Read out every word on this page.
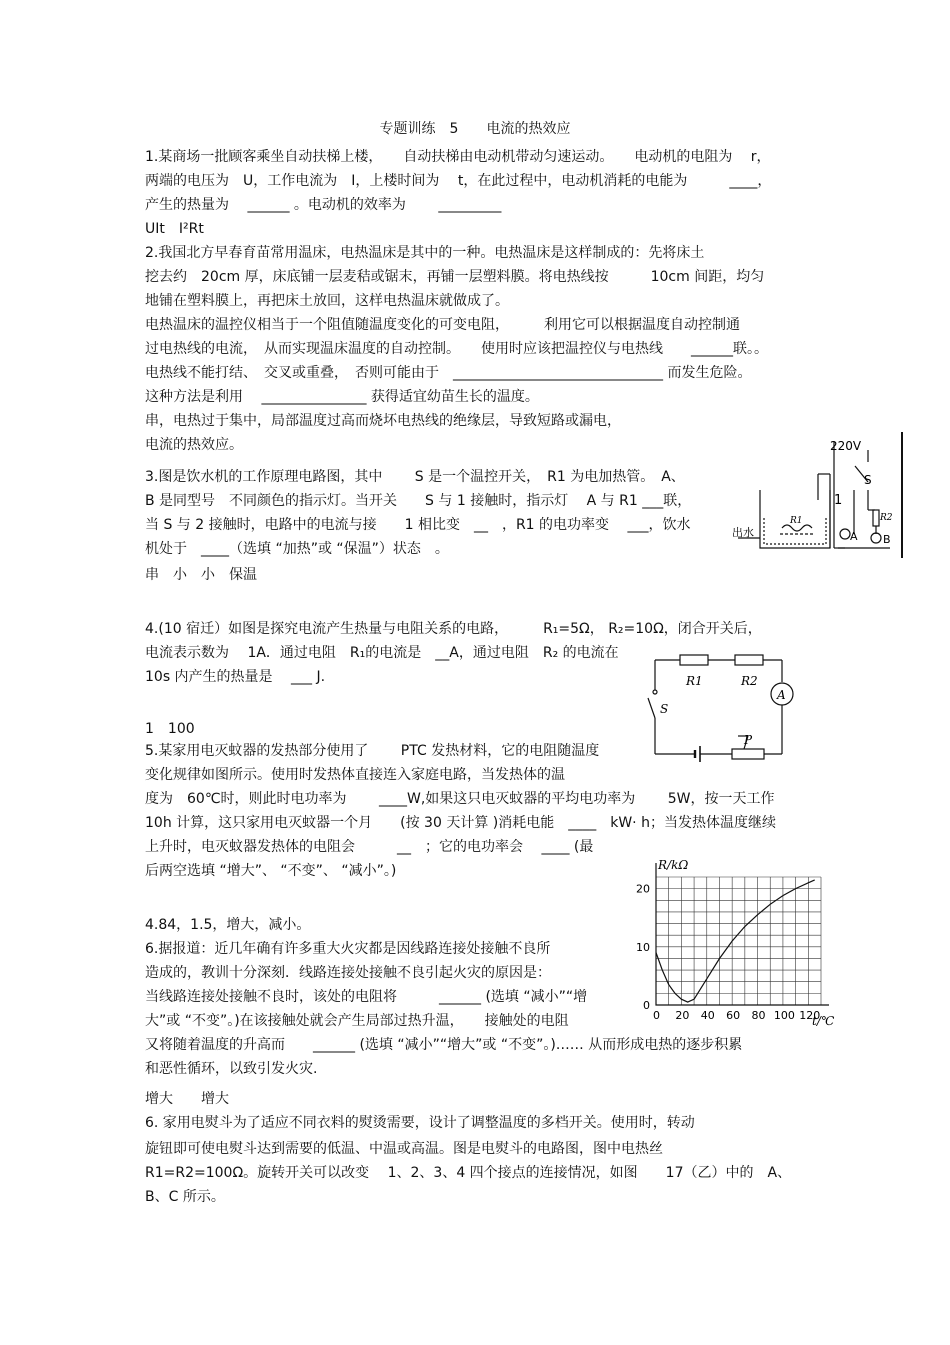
专题训练　5　　电流的热效应
1.某商场一批顾客乘坐自动扶梯上楼，　　自动扶梯由电动机带动匀速运动。　　电动机的电阻为　 r，
两端的电压为　U，工作电流为　I，上楼时间为　 t，在此过程中，电动机消耗的电能为　　　____，
产生的热量为　 ______ 。电动机的效率为　　 _________
UIt　I²Rt
2.我国北方早春育苗常用温床，电热温床是其中的一种。电热温床是这样制成的：先将床土
挖去约　20cm 厚，床底铺一层麦秸或锯末，再铺一层塑料膜。将电热线按　　　10cm 间距，均匀
地铺在塑料膜上，再把床土放回，这样电热温床就做成了。
电热温床的温控仪相当于一个阻值随温度变化的可变电阻，　　　利用它可以根据温度自动控制通
过电热线的电流，　从而实现温床温度的自动控制。　　使用时应该把温控仪与电热线　　______联。。
电热线不能打结、　交叉或重叠，　否则可能由于　______________________________ 而发生危险。
这种方法是利用　 _______________ 获得适宜幼苗生长的温度。
串，电热过于集中，局部温度过高而烧坏电热线的绝缘层，导致短路或漏电，
电流的热效应。
3.图是饮水机的工作原理电路图，其中　　 S 是一个温控开关，　R1 为电加热管。　A、
B 是同型号　不同颜色的指示灯。当开关　　S 与 1 接触时，指示灯　 A 与 R1 ___联，
当 S 与 2 接触时，电路中的电流与接　　1 相比变　__　，R1 的电功率变　 ___，饮水
机处于　____（选填 “加热”或 “保温”）状态　。
串　小　小　保温
4.(10 宿迁）如图是探究电流产生热量与电阻关系的电路，　　　R₁=5Ω， R₂=10Ω，闭合开关后，
电流表示数为　 1A．通过电阻　R₁的电流是　__A，通过电阻　R₂ 的电流在
10s 内产生的热量是　 ___ J.
1　100
5.某家用电灭蚊器的发热部分使用了　　 PTC 发热材料，它的电阻随温度
变化规律如图所示。使用时发热体直接连入家庭电路，当发热体的温
度为　60℃时，则此时电功率为　　 ____W,如果这只电灭蚊器的平均电功率为　　 5W，按一天工作
10h 计算，这只家用电灭蚊器一个月　　(按 30 天计算 )消耗电能　____　kW· h；当发热体温度继续
上升时，电灭蚊器发热体的电阻会　　　__　；它的电功率会　 ____ (最
后两空选填 “增大”、 “不变”、 “减小”。)
4.84，1.5，增大，减小。
6.据报道：近几年确有许多重大火灾都是因线路连接处接触不良所
造成的，教训十分深刻．线路连接处接触不良引起火灾的原因是：
当线路连接处接触不良时，该处的电阻将　　　______ (选填 “减小”“增
大”或 “不变”。)在该接触处就会产生局部过热升温，　　接触处的电阻
又将随着温度的升高而　　______ (选填 “减小”“增大”或 “不变”。)…… 从而形成电热的逐步积累
和恶性循环，以致引发火灾.
增大　　增大
6. 家用电熨斗为了适应不同衣料的熨烫需要，设计了调整温度的多档开关。使用时，转动
旋钮即可使电熨斗达到需要的低温、中温或高温。图是电熨斗的电路图，图中电热丝
R1=R2=100Ω。旋转开关可以改变　 1、2、3、4 四个接点的连接情况，如图　　17（乙）中的　A、
B、C 所示。
220V
S
1
R2
R1
A B
出水
R1	R2
A
S
P
0 20 40 60 80 100 120
0
10
20
R/kΩ
t/℃
